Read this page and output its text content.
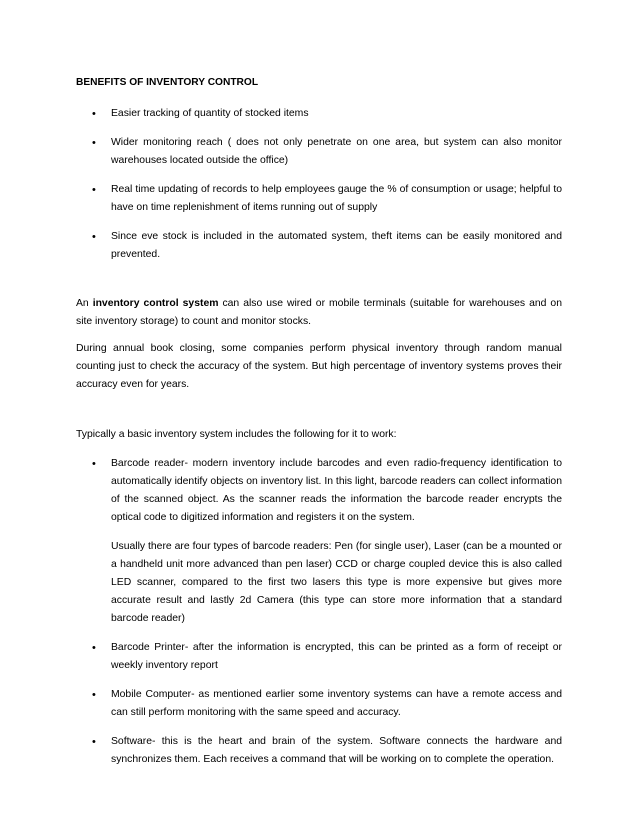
BENEFITS OF INVENTORY CONTROL
• Easier tracking of quantity of stocked items
• Wider monitoring reach ( does not only penetrate on one area, but system can also monitor warehouses located outside the office)
• Real time updating of records to help employees gauge the % of consumption or usage; helpful to have on time replenishment of items running out of supply
• Since eve stock is included in the automated system, theft items can be easily monitored and prevented.

An inventory control system can also use wired or mobile terminals (suitable for warehouses and on site inventory storage) to count and monitor stocks.

During annual book closing, some companies perform physical inventory through random manual counting just to check the accuracy of the system. But high percentage of inventory systems proves their accuracy even for years.

Typically a basic inventory system includes the following for it to work:

• Barcode reader- modern inventory include barcodes and even radio-frequency identification to automatically identify objects on inventory list. In this light, barcode readers can collect information of the scanned object. As the scanner reads the information the barcode reader encrypts the optical code to digitized information and registers it on the system.
Usually there are four types of barcode readers: Pen (for single user), Laser (can be a mounted or a handheld unit more advanced than pen laser) CCD or charge coupled device this is also called LED scanner, compared to the first two lasers this type is more expensive but gives more accurate result and lastly 2d Camera (this type can store more information that a standard barcode reader)
• Barcode Printer- after the information is encrypted, this can be printed as a form of receipt or weekly inventory report
• Mobile Computer- as mentioned earlier some inventory systems can have a remote access and can still perform monitoring with the same speed and accuracy.
• Software- this is the heart and brain of the system. Software connects the hardware and synchronizes them. Each receives a command that will be working on to complete the operation.
